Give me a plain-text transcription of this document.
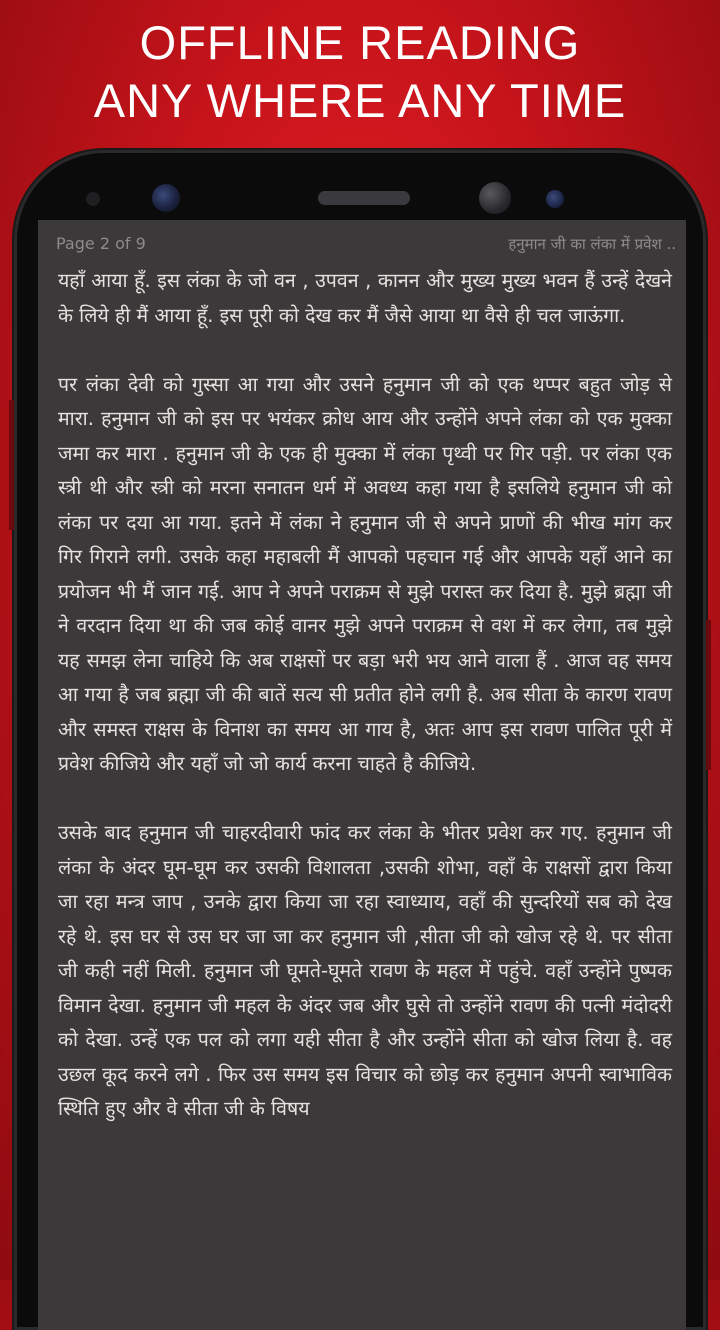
OFFLINE READING
ANY WHERE ANY TIME
Page 2 of 9	हनुमान जी का लंका में प्रवेश ..

यहाँ आया हूँ. इस लंका के जो वन , उपवन , कानन और मुख्य मुख्य भवन हैं उन्हें देखने के लिये ही मैं आया हूँ. इस पूरी को देख कर मैं जैसे आया था वैसे ही चल जाऊंगा.

पर लंका देवी को गुस्सा आ गया और उसने हनुमान जी को एक थप्पर बहुत जोड़ से मारा. हनुमान जी को इस पर भयंकर क्रोध आय और उन्होंने अपने लंका को एक मुक्का जमा कर मारा . हनुमान जी के एक ही मुक्का में लंका पृथ्वी पर गिर पड़ी. पर लंका एक स्त्री थी और स्त्री को मरना सनातन धर्म में अवध्य कहा गया है इसलिये हनुमान जी को लंका पर दया आ गया. इतने में लंका ने हनुमान जी से अपने प्राणों की भीख मांग कर गिर गिराने लगी. उसके कहा महाबली मैं आपको पहचान गई और आपके यहाँ आने का प्रयोजन भी मैं जान गई. आप ने अपने पराक्रम से मुझे परास्त कर दिया है. मुझे ब्रह्मा जी ने वरदान दिया था की जब कोई वानर मुझे अपने पराक्रम से वश में कर लेगा, तब मुझे यह समझ लेना चाहिये कि अब राक्षसों पर बड़ा भरी भय आने वाला हैं . आज वह समय आ गया है जब ब्रह्मा जी की बातें सत्य सी प्रतीत होने लगी है. अब सीता के कारण रावण और समस्त राक्षस के विनाश का समय आ गाय है, अतः आप इस रावण पालित पूरी में प्रवेश कीजिये और यहाँ जो जो कार्य करना चाहते है कीजिये.

उसके बाद हनुमान जी चाहरदीवारी फांद कर लंका के भीतर प्रवेश कर गए. हनुमान जी लंका के अंदर घूम-घूम कर उसकी विशालता ,उसकी शोभा, वहाँ के राक्षसों द्वारा किया जा रहा मन्त्र जाप , उनके द्वारा किया जा रहा स्वाध्याय, वहाँ की सुन्दरियों सब को देख रहे थे. इस घर से उस घर जा जा कर हनुमान जी ,सीता जी को खोज रहे थे. पर सीता जी कही नहीं मिली. हनुमान जी घूमते-घूमते रावण के महल में पहुंचे. वहाँ उन्होंने पुष्पक विमान देखा. हनुमान जी महल के अंदर जब और घुसे तो उन्होंने रावण की पत्नी मंदोदरी को देखा. उन्हें एक पल को लगा यही सीता है और उन्होंने सीता को खोज लिया है. वह उछल कूद करने लगे . फिर उस समय इस विचार को छोड़ कर हनुमान अपनी स्वाभाविक स्थिति हुए और वे सीता जी के विषय
